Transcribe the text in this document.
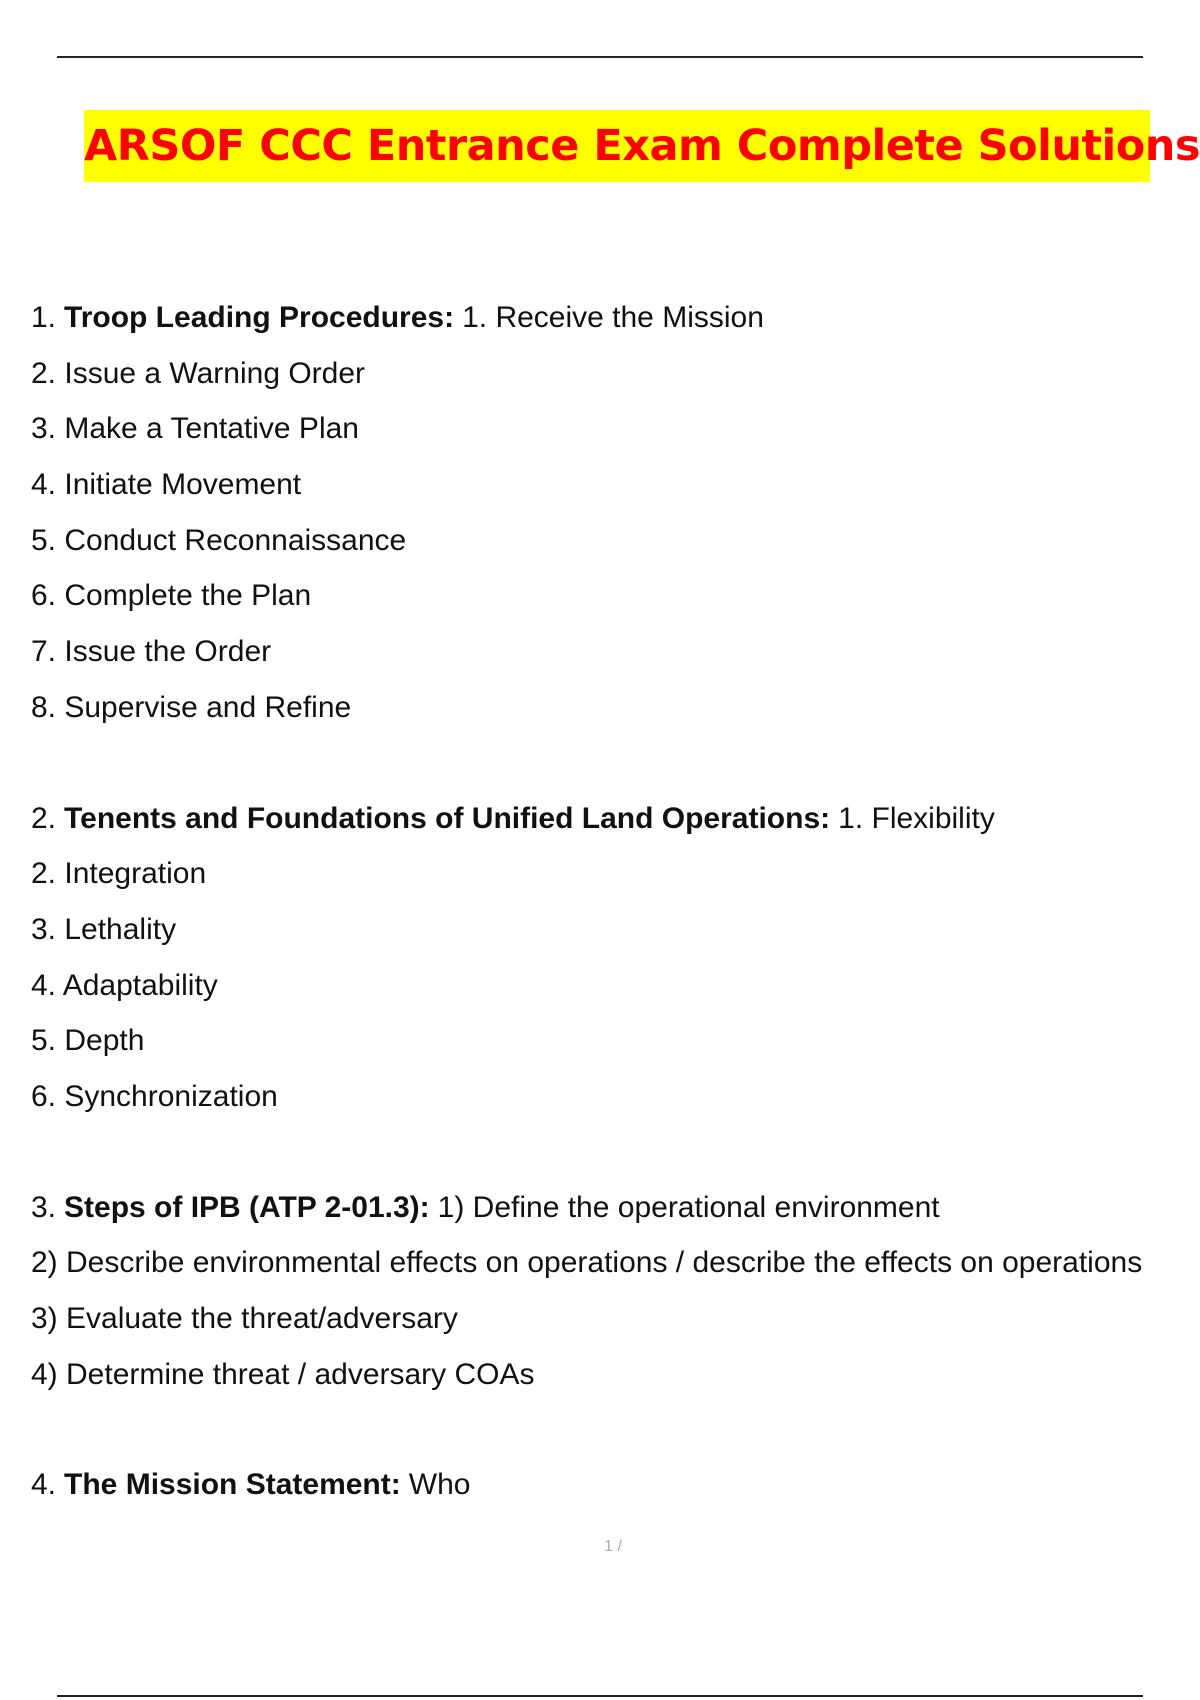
ARSOF CCC Entrance Exam Complete Solutions
1. Troop Leading Procedures: 1. Receive the Mission
2. Issue a Warning Order
3. Make a Tentative Plan
4. Initiate Movement
5. Conduct Reconnaissance
6. Complete the Plan
7. Issue the Order
8. Supervise and Refine
2. Tenents and Foundations of Unified Land Operations: 1. Flexibility
2. Integration
3. Lethality
4. Adaptability
5. Depth
6. Synchronization
3. Steps of IPB (ATP 2-01.3): 1) Define the operational environment
2) Describe environmental effects on operations / describe the effects on operations
3) Evaluate the threat/adversary
4) Determine threat / adversary COAs
4. The Mission Statement: Who
1 /
